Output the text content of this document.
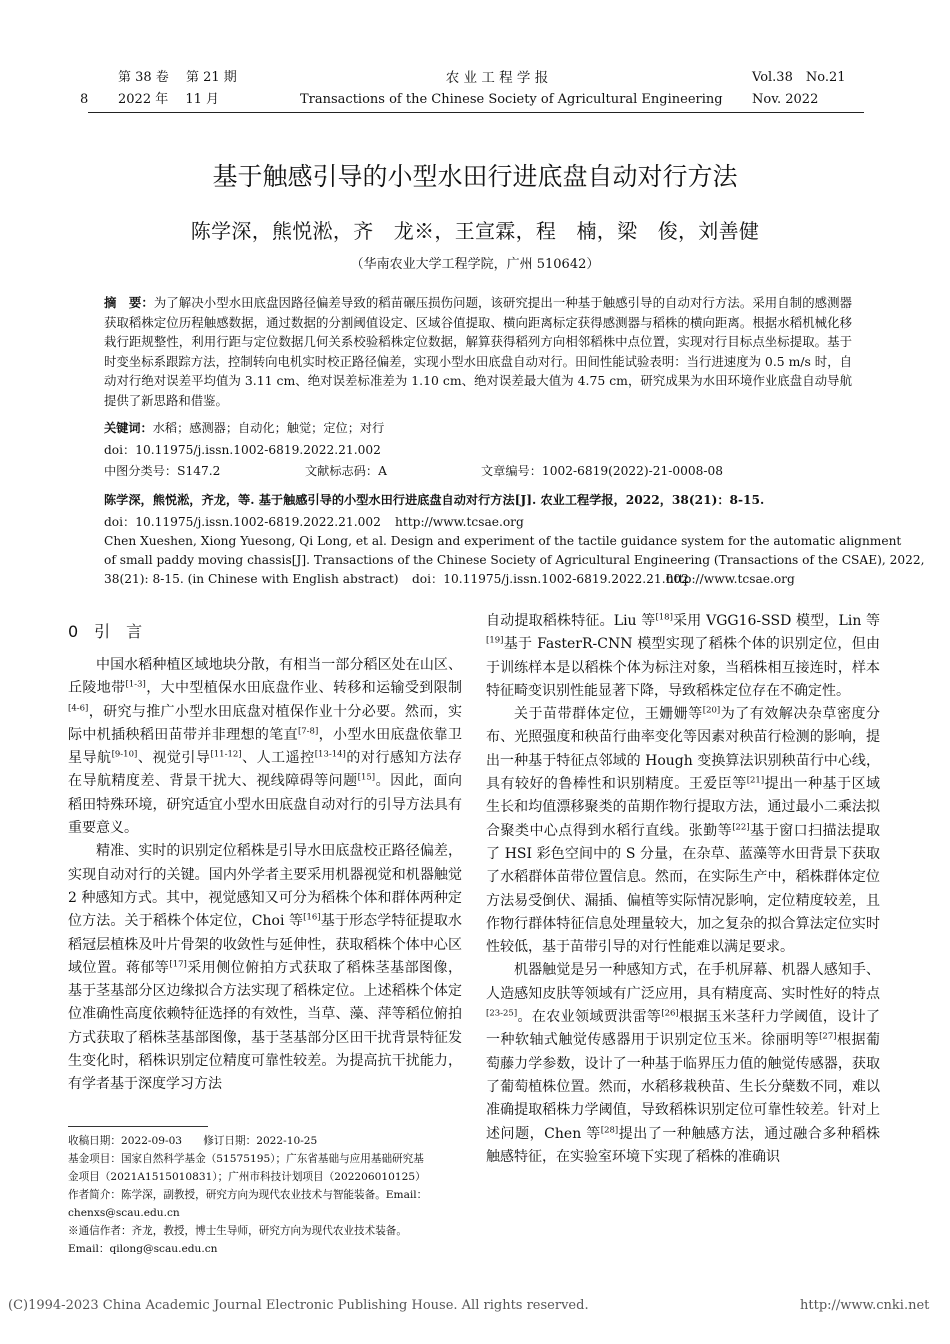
8
第 38 卷　 第 21 期
2022 年　 11 月
农 业 工 程 学 报
Transactions of the Chinese Society of Agricultural Engineering
Vol.38　No.21
Nov. 2022
基于触感引导的小型水田行进底盘自动对行方法
陈学深，熊悦淞，齐　龙※，王宣霖，程　楠，梁　俊，刘善健
（华南农业大学工程学院，广州 510642）
摘　要：为了解决小型水田底盘因路径偏差导致的稻苗碾压损伤问题，该研究提出一种基于触感引导的自动对行方法。采用自制的感测器获取稻株定位历程触感数据，通过数据的分割阈值设定、区域谷值提取、横向距离标定获得感测器与稻株的横向距离。根据水稻机械化移栽行距规整性，利用行距与定位数据几何关系校验稻株定位数据，解算获得稻列方向相邻稻株中点位置，实现对行目标点坐标提取。基于时变坐标系跟踪方法，控制转向电机实时校正路径偏差，实现小型水田底盘自动对行。田间性能试验表明：当行进速度为 0.5 m/s 时，自动对行绝对误差平均值为 3.11 cm、绝对误差标准差为 1.10 cm、绝对误差最大值为 4.75 cm，研究成果为水田环境作业底盘自动导航提供了新思路和借鉴。
关键词：水稻；感测器；自动化；触觉；定位；对行
doi：10.11975/j.issn.1002-6819.2022.21.002
中图分类号：S147.2	文献标志码：A	文章编号：1002-6819(2022)-21-0008-08
陈学深，熊悦淞，齐龙，等. 基于触感引导的小型水田行进底盘自动对行方法[J]. 农业工程学报，2022，38(21)：8-15.
doi：10.11975/j.issn.1002-6819.2022.21.002 http://www.tcsae.org
Chen Xueshen, Xiong Yuesong, Qi Long, et al. Design and experiment of the tactile guidance system for the automatic alignment
of small paddy moving chassis[J]. Transactions of the Chinese Society of Agricultural Engineering (Transactions of the CSAE), 2022,
38(21): 8-15. (in Chinese with English abstract) doi：10.11975/j.issn.1002-6819.2022.21.002
http://www.tcsae.org
0　引　言

中国水稻种植区域地块分散，有相当一部分稻区处在山区、丘陵地带[1-3]，大中型植保水田底盘作业、转移和运输受到限制[4-6]，研究与推广小型水田底盘对植保作业十分必要。然而，实际中机插秧稻田苗带并非理想的笔直[7-8]，小型水田底盘依靠卫星导航[9-10]、视觉引导[11-12]、人工遥控[13-14]的对行感知方法存在导航精度差、背景干扰大、视线障碍等问题[15]。因此，面向稻田特殊环境，研究适宜小型水田底盘自动对行的引导方法具有重要意义。

精准、实时的识别定位稻株是引导水田底盘校正路径偏差，实现自动对行的关键。国内外学者主要采用机器视觉和机器触觉 2 种感知方式。其中，视觉感知又可分为稻株个体和群体两种定位方法。关于稻株个体定位，Choi 等[16]基于形态学特征提取水稻冠层植株及叶片骨架的收敛性与延伸性，获取稻株个体中心区域位置。蒋郁等[17]采用侧位俯拍方式获取了稻株茎基部图像，基于茎基部分区边缘拟合方法实现了稻株定位。上述稻株个体定位准确性高度依赖特征选择的有效性，当草、藻、萍等稻位俯拍方式获取了稻株茎基部图像，基于茎基部分区田干扰背景特征发生变化时，稻株识别定位精度可靠性较差。为提高抗干扰能力，有学者基于深度学习方法

自动提取稻株特征。Liu 等[18]采用 VGG16-SSD 模型，Lin 等[19]基于 FasterR-CNN 模型实现了稻株个体的识别定位，但由于训练样本是以稻株个体为标注对象，当稻株相互接连时，样本特征畸变识别性能显著下降，导致稻株定位存在不确定性。

关于苗带群体定位，王姗姗等[20]为了有效解决杂草密度分布、光照强度和秧苗行曲率变化等因素对秧苗行检测的影响，提出一种基于特征点邻域的 Hough 变换算法识别秧苗行中心线，具有较好的鲁棒性和识别精度。王爱臣等[21]提出一种基于区域生长和均值漂移聚类的苗期作物行提取方法，通过最小二乘法拟合聚类中心点得到水稻行直线。张勤等[22]基于窗口扫描法提取了 HSI 彩色空间中的 S 分量，在杂草、蓝藻等水田背景下获取了水稻群体苗带位置信息。然而，在实际生产中，稻株群体定位方法易受倒伏、漏插、偏植等实际情况影响，定位精度较差，且作物行群体特征信息处理量较大，加之复杂的拟合算法定位实时性较低，基于苗带引导的对行性能难以满足要求。

机器触觉是另一种感知方式，在手机屏幕、机器人感知手、人造感知皮肤等领域有广泛应用，具有精度高、实时性好的特点[23-25]。在农业领域贾洪雷等[26]根据玉米茎秆力学阈值，设计了一种软轴式触觉传感器用于识别定位玉米。徐丽明等[27]根据葡萄藤力学参数，设计了一种基于临界压力值的触觉传感器，获取了葡萄植株位置。然而，水稻移栽秧苗、生长分蘖数不同，难以准确提取稻株力学阈值，导致稻株识别定位可靠性较差。针对上述问题，Chen 等[28]提出了一种触感方法，通过融合多种稻株触感特征，在实验室环境下实现了稻株的准确识

收稿日期：2022-09-03　　修订日期：2022-10-25
基金项目：国家自然科学基金（51575195）；广东省基础与应用基础研究基
金项目（2021A1515010831）；广州市科技计划项目（202206010125）
作者简介：陈学深，副教授，研究方向为现代农业技术与智能装备。Email：
chenxs@scau.edu.cn
※通信作者：齐龙，教授，博士生导师，研究方向为现代农业技术装备。
Email：qilong@scau.edu.cn
(C)1994-2023 China Academic Journal Electronic Publishing House. All rights reserved.	http://www.cnki.net
